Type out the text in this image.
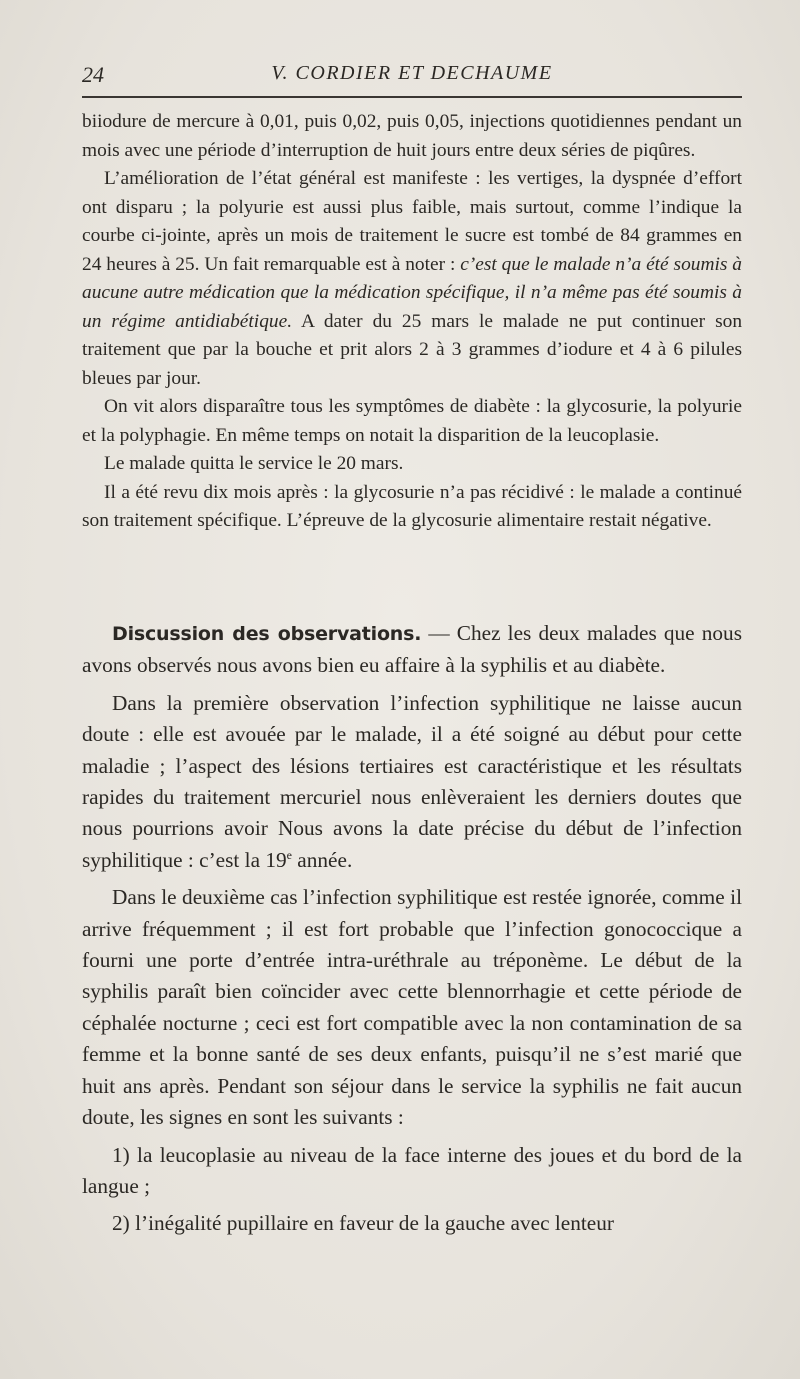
24	V. CORDIER ET DECHAUME

biiodure de mercure à 0,01, puis 0,02, puis 0,05, injections quotidiennes pendant un mois avec une période d’interruption de huit jours entre deux séries de piqûres.

L’amélioration de l’état général est manifeste : les vertiges, la dyspnée d’effort ont disparu ; la polyurie est aussi plus faible, mais surtout, comme l’indique la courbe ci-jointe, après un mois de traitement le sucre est tombé de 84 grammes en 24 heures à 25. Un fait remarquable est à noter : c’est que le malade n’a été soumis à aucune autre médication que la médication spécifique, il n’a même pas été soumis à un régime antidiabétique. A dater du 25 mars le malade ne put continuer son traitement que par la bouche et prit alors 2 à 3 grammes d’iodure et 4 à 6 pilules bleues par jour.

On vit alors disparaître tous les symptômes de diabète : la glycosurie, la polyurie et la polyphagie. En même temps on notait la disparition de la leucoplasie.

Le malade quitta le service le 20 mars.

Il a été revu dix mois après : la glycosurie n’a pas récidivé : le malade a continué son traitement spécifique. L’épreuve de la glycosurie alimentaire restait négative.

Discussion des observations. — Chez les deux malades que nous avons observés nous avons bien eu affaire à la syphilis et au diabète.

Dans la première observation l’infection syphilitique ne laisse aucun doute : elle est avouée par le malade, il a été soigné au début pour cette maladie ; l’aspect des lésions tertiaires est caractéristique et les résultats rapides du traitement mercuriel nous enlèveraient les derniers doutes que nous pourrions avoir Nous avons la date précise du début de l’infection syphilitique : c’est la 19e année.

Dans le deuxième cas l’infection syphilitique est restée ignorée, comme il arrive fréquemment ; il est fort probable que l’infection gonococcique a fourni une porte d’entrée intra-uréthrale au tréponème. Le début de la syphilis paraît bien coïncider avec cette blennorrhagie et cette période de céphalée nocturne ; ceci est fort compatible avec la non contamination de sa femme et la bonne santé de ses deux enfants, puisqu’il ne s’est marié que huit ans après. Pendant son séjour dans le service la syphilis ne fait aucun doute, les signes en sont les suivants :

1) la leucoplasie au niveau de la face interne des joues et du bord de la langue ;

2) l’inégalité pupillaire en faveur de la gauche avec lenteur
